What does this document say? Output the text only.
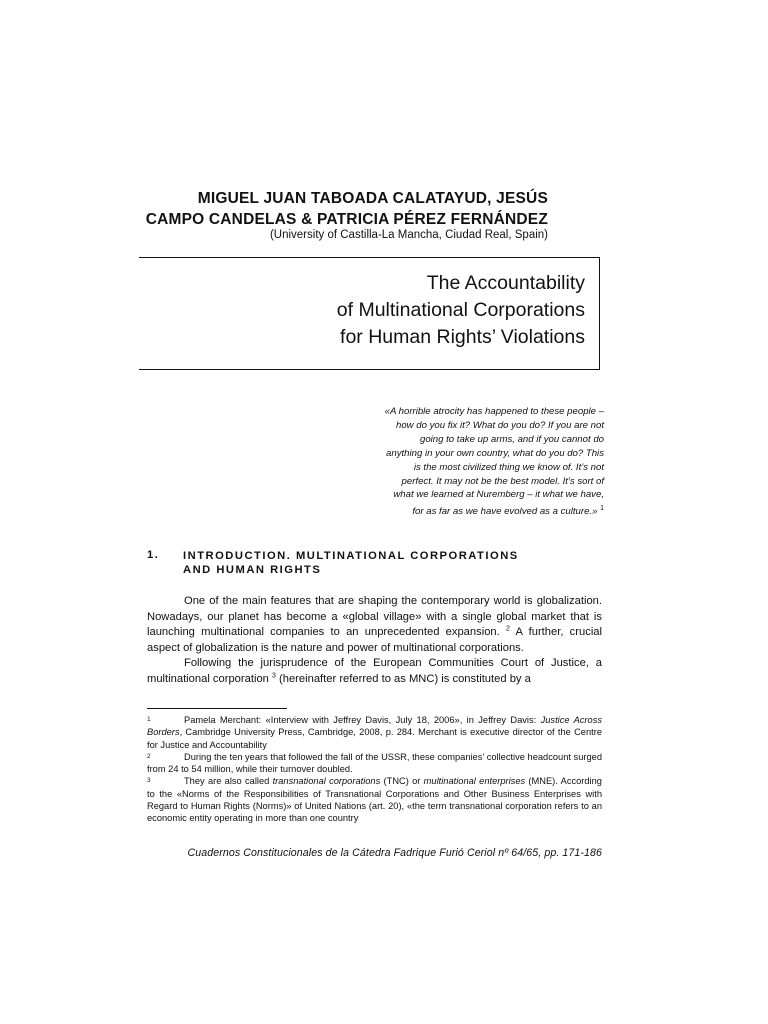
MIGUEL JUAN TABOADA CALATAYUD, JESÚS
CAMPO CANDELAS & PATRICIA PÉREZ FERNÁNDEZ
(University of Castilla-La Mancha, Ciudad Real, Spain)
The Accountability
of Multinational Corporations
for Human Rights’ Violations
«A horrible atrocity has happened to these people –
how do you fix it? What do you do? If you are not
going to take up arms, and if you cannot do
anything in your own country, what do you do? This
is the most civilized thing we know of. It’s not
perfect. It may not be the best model. It’s sort of
what we learned at Nuremberg – it what we have,
for as far as we have evolved as a culture.» $^1$
1. INTRODUCTION. MULTINATIONAL CORPORATIONS
AND HUMAN RIGHTS

One of the main features that are shaping the contemporary world is globalization. Nowadays, our planet has become a «global village» with a single global market that is launching multinational companies to an unprecedented expansion. $^2$ A further, crucial aspect of globalization is the nature and power of multinational corporations.

Following the jurisprudence of the European Communities Court of Justice, a multinational corporation $^3$ (hereinafter referred to as MNC) is constituted by a

1	Pamela Merchant: «Interview with Jeffrey Davis, July 18, 2006», in Jeffrey Davis: Justice Across Borders, Cambridge University Press, Cambridge, 2008, p. 284. Merchant is executive director of the Centre for Justice and Accountability

2	During the ten years that followed the fall of the USSR, these companies’ collective headcount surged from 24 to 54 million, while their turnover doubled.

3	They are also called transnational corporations (TNC) or multinational enterprises (MNE). According to the «Norms of the Responsibilities of Transnational Corporations and Other Business Enterprises with Regard to Human Rights (Norms)» of United Nations (art. 20), «the term transnational corporation refers to an economic entity operating in more than one country

Cuadernos Constitucionales de la Cátedra Fadrique Furió Ceriol nº 64/65, pp. 171-186
